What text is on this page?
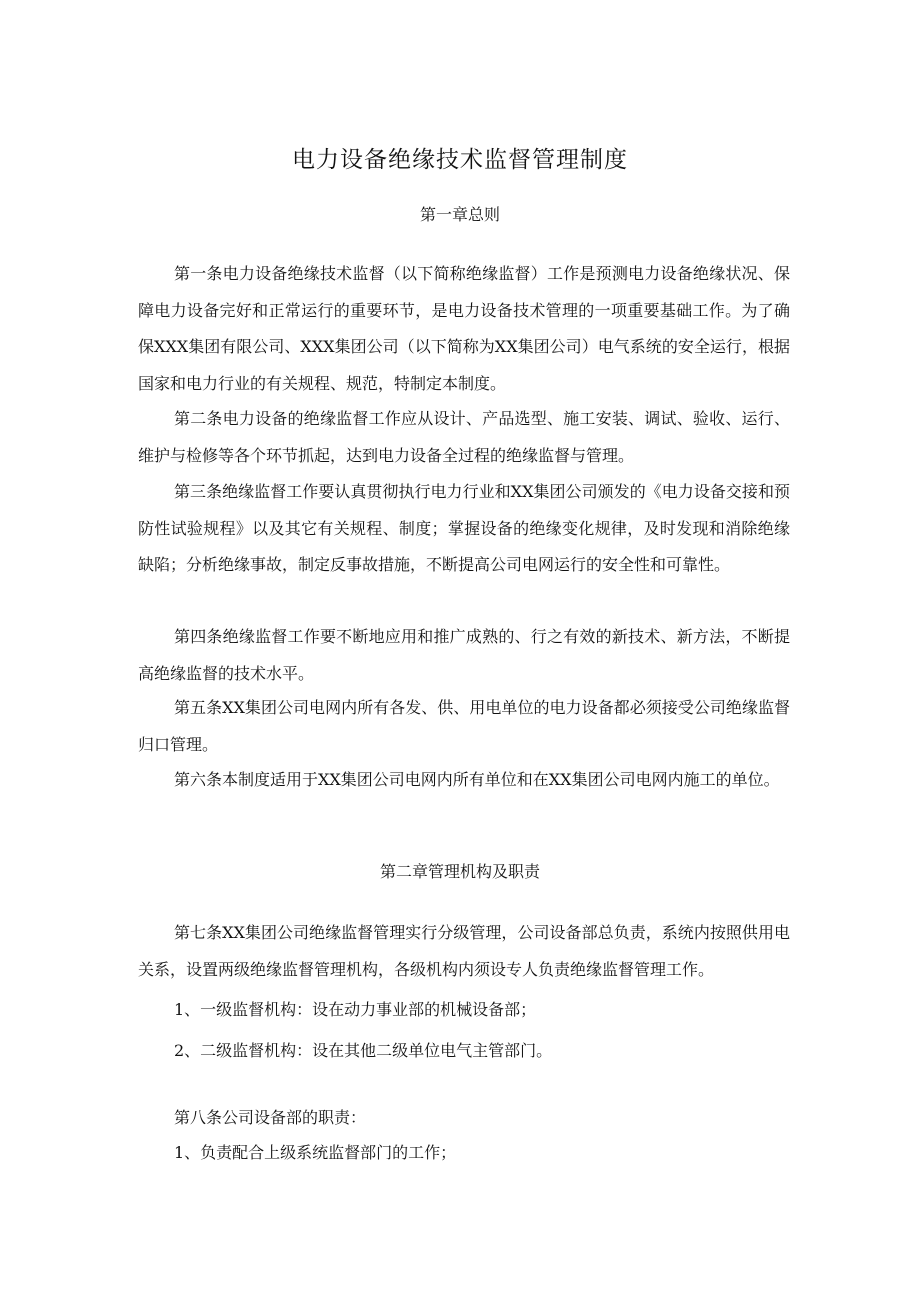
电力设备绝缘技术监督管理制度
第一章总则

第一条电力设备绝缘技术监督（以下简称绝缘监督）工作是预测电力设备绝缘状况、保障电力设备完好和正常运行的重要环节，是电力设备技术管理的一项重要基础工作。为了确保XXX集团有限公司、XXX集团公司（以下简称为XX集团公司）电气系统的安全运行，根据国家和电力行业的有关规程、规范，特制定本制度。

第二条电力设备的绝缘监督工作应从设计、产品选型、施工安装、调试、验收、运行、维护与检修等各个环节抓起，达到电力设备全过程的绝缘监督与管理。

第三条绝缘监督工作要认真贯彻执行电力行业和XX集团公司颁发的《电力设备交接和预防性试验规程》以及其它有关规程、制度；掌握设备的绝缘变化规律，及时发现和消除绝缘缺陷；分析绝缘事故，制定反事故措施，不断提高公司电网运行的安全性和可靠性。

第四条绝缘监督工作要不断地应用和推广成熟的、行之有效的新技术、新方法，不断提高绝缘监督的技术水平。

第五条XX集团公司电网内所有各发、供、用电单位的电力设备都必须接受公司绝缘监督归口管理。

第六条本制度适用于XX集团公司电网内所有单位和在XX集团公司电网内施工的单位。

第二章管理机构及职责

第七条XX集团公司绝缘监督管理实行分级管理，公司设备部总负责，系统内按照供用电关系，设置两级绝缘监督管理机构，各级机构内须设专人负责绝缘监督管理工作。

1、一级监督机构：设在动力事业部的机械设备部；

2、二级监督机构：设在其他二级单位电气主管部门。

第八条公司设备部的职责：

1、负责配合上级系统监督部门的工作；
